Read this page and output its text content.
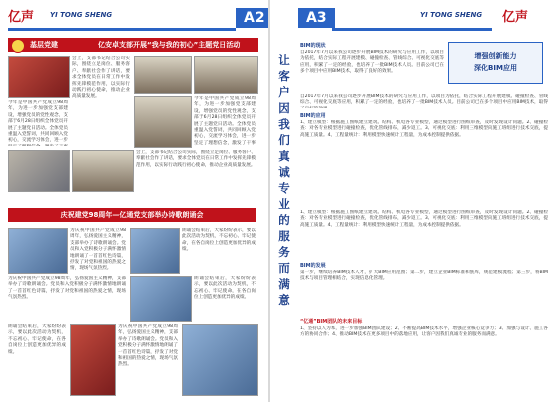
亿声 YI TONG SHENG	A2
基层党建	亿安卓支部开展“我与我的初心”主题党日活动
今年是中国共产党成立98周年，为进一步加强党支部建设，增强党员的党性观念，支部于6月28日组织全体党员开展了主题党日活动。全体党员重温入党誓词，共同回顾入党初心，交流学习体会，进一步
会上，支部书记结合公司实际，围绕立足岗位、服务客户、奉献社会作了讲话，要求全体党员在日常工作中发挥先锋模范作用，以实际行动践行初心使命，推动企业高质量发展。	今年是中国共产党成立98周年，为进一步加强党支部建设，增强党员的党性观念，支部于6月28日组织全体党员开展了主题党日活动。全体党员重温入党誓词，共同回顾入党初心，交流学习体会，进一步坚定了理想信念，激发了干事
会上，支部书记结合公司实际，围绕立足岗位、服务客户、奉献社会作了讲话，要求全体党员在日常工作中发挥先锋模范作用，以实际行动践行初心使命，推动企业高质量发展。
庆祝建党98周年—亿通党支部举办诗歌朗诵会
为庆祝中国共产党成立98周年，弘扬爱国主义精神，支部举办了诗歌朗诵会。党员和入党积极分子满怀激情地朗诵了一首首红色诗篇，抒发了对党和祖国的热爱之情，现场气氛热烈。
朗诵会结束后，大家纷纷表示，要以此次活动为契机，不忘初心、牢记使命，在各自岗位上创造更加优异的成绩。
为庆祝中国共产党成立98周年，弘扬爱国主义精神，支部举办了诗歌朗诵会。党员和入党积极分子满怀激情地朗诵了一首首红色诗篇，抒发了对党和祖国的热爱之情，现场气氛热烈。
朗诵会结束后，大家纷纷表示，要以此次活动为契机，不忘初心、牢记使命，在各自岗位上创造更加优异的成绩。
朗诵会结束后，大家纷纷表示，要以此次活动为契机，不忘初心、牢记使命，在各自岗位上创造更加优异的成绩。
为庆祝中国共产党成立98周年，弘扬爱国主义精神，支部举办了诗歌朗诵会。党员和入党积极分子满怀激情地朗诵了一首首红色诗篇，抒发了对党和祖国的热爱之情，现场气氛热烈。
A3	YI TONG SHENG 亿声
让
客
户
因
我
们
真
诚
专
业
的
服
务
而
满
意
增强创新能力
深化BIM应用
BIM的现状
自2017年7月以来我公司逐步开展BIM技术的研究与应用工作，以项目为依托，结合实际工程开展建模、碰撞检查、管线综合、可视化交底等应用，积累了一定的经验，也培养了一批BIM技术人员。目前公司已在多个项目中应用BIM技术，取得了良好的效果。
自2017年7月以来我公司逐步开展BIM技术的研究与应用工作，以项目为依托，结合实际工程开展建模、碰撞检查、管线综合、可视化交底等应用，积累了一定的经验，也培养了一批BIM技术人员。目前公司已在多个项目中应用BIM技术，取得
BIM的应用
1、建立模型：根据施工图纸建立建筑、结构、机电各专业模型，通过模型进行图纸审查，及时发现设计问题。2、碰撞检查：对各专业模型进行碰撞检查，优化管线排布，减少返工。3、可视化交底：利用三维模型向施工班组进行技术交底，提高施工质量。4、工程量统计：利用模型快速统计工程量，为成本控制提供依据。
1、建立模型：根据施工图纸建立建筑、结构、机电各专业模型，通过模型进行图纸审查，及时发现设计问题。2、碰撞检查：对各专业模型进行碰撞检查，优化管线排布，减少返工。3、可视化交底：利用三维模型向施工班组进行技术交底，提高施工质量。4、工程量统计：利用模型快速统计工程量，为成本控制提供依据。
BIM的发展
第一步，继续培养BIM技术人才，扩大BIM应用范围；第二步，建立企业BIM标准和族库，规范建模流程；第三步，将BIM技术与项目管理相结合，实现信息化管理。
“亿通”BIM团队的未来目标
1、坚持以人为本，进一步加强BIM团队建设；2、不断提高BIM技术水平，增强企业核心竞争力；3、加强与设计、施工各方的协同合作；4、推动BIM技术在更多项目中的落地应用，让客户因我们真诚专业的服务而满意。
